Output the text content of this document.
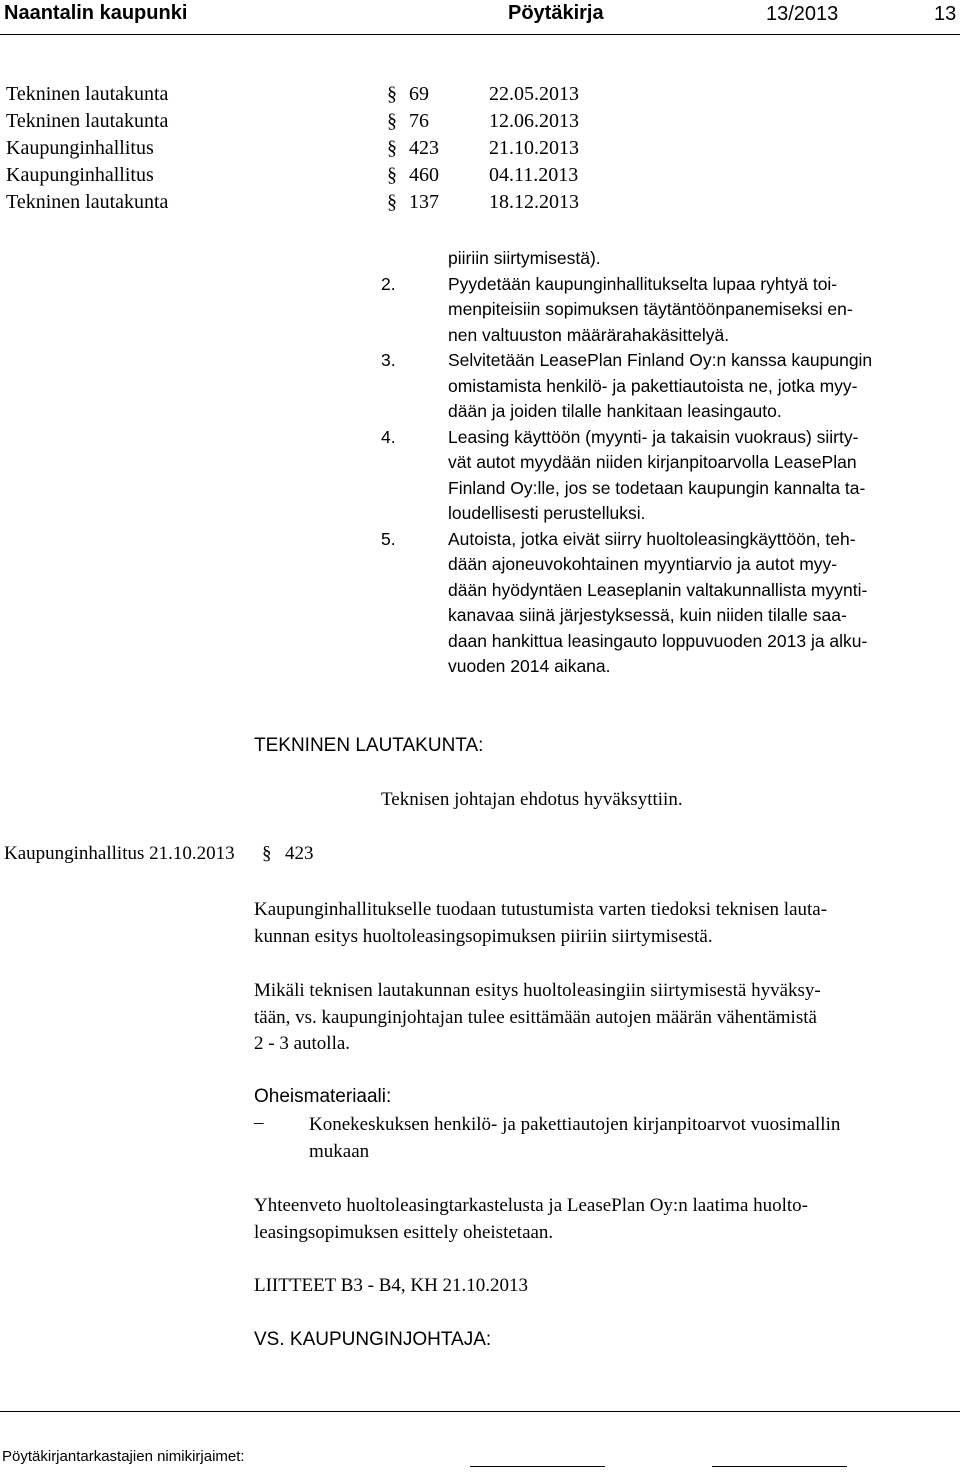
Naantalin kaupunki	Pöytäkirja	13/2013	13
Tekninen lautakunta	§ 69	22.05.2013
Tekninen lautakunta	§ 76	12.06.2013
Kaupunginhallitus	§ 423	21.10.2013
Kaupunginhallitus	§ 460	04.11.2013
Tekninen lautakunta	§ 137	18.12.2013
piiriin siirtymisestä).
2.	Pyydetään kaupunginhallitukselta lupaa ryhtyä toi-
menpiteisiin sopimuksen täytäntöönpanemiseksi en-
nen valtuuston määrärahakäsittelyä.
3.	Selvitetään LeasePlan Finland Oy:n kanssa kaupungin
omistamista henkilö- ja pakettiautoista ne, jotka myy-
dään ja joiden tilalle hankitaan leasingauto.
4.	Leasing käyttöön (myynti- ja takaisin vuokraus) siirty-
vät autot myydään niiden kirjanpitoarvolla LeasePlan
Finland Oy:lle, jos se todetaan kaupungin kannalta ta-
loudellisesti perustelluksi.
5.	Autoista, jotka eivät siirry huoltoleasingkäyttöön, teh-
dään ajoneuvokohtainen myyntiarvio ja autot myy-
dään hyödyntäen Leaseplanin valtakunnallista myynti-
kanavaa siinä järjestyksessä, kuin niiden tilalle saa-
daan hankittua leasingauto loppuvuoden 2013 ja alku-
vuoden 2014 aikana.
TEKNINEN LAUTAKUNTA:
Teknisen johtajan ehdotus hyväksyttiin.
Kaupunginhallitus 21.10.2013 § 423
Kaupunginhallitukselle tuodaan tutustumista varten tiedoksi teknisen lauta-
kunnan esitys huoltoleasingsopimuksen piiriin siirtymisestä.
Mikäli teknisen lautakunnan esitys huoltoleasingiin siirtymisestä hyväksy-
tään, vs. kaupunginjohtajan tulee esittämään autojen määrän vähentämistä
2 - 3 autolla.
Oheismateriaali:
– Konekeskuksen henkilö- ja pakettiautojen kirjanpitoarvot vuosimallin
mukaan
Yhteenveto huoltoleasingtarkastelusta ja LeasePlan Oy:n laatima huolto-
leasingsopimuksen esittely oheistetaan.
LIITTEET B3 - B4, KH 21.10.2013
VS. KAUPUNGINJOHTAJA:
Pöytäkirjantarkastajien nimikirjaimet:
